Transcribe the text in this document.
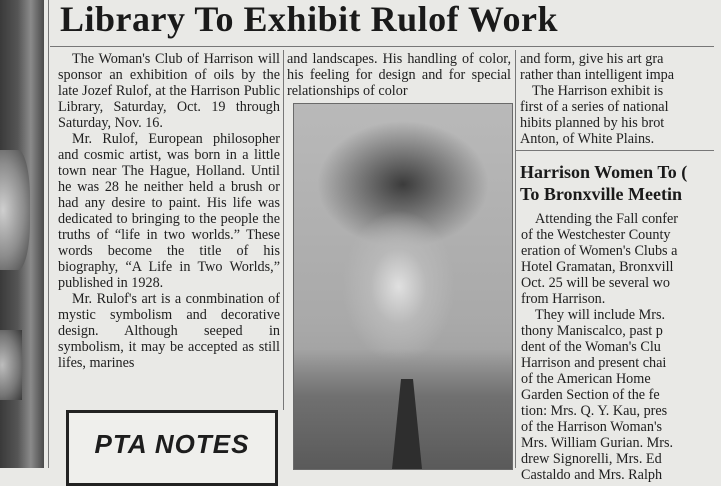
Library To Exhibit Rulof Work

The Woman's Club of Harrison will sponsor an exhibition of oils by the late Jozef Rulof, at the Harrison Public Library, Saturday, Oct. 19 through Saturday, Nov. 16.

Mr. Rulof, European philosopher and cosmic artist, was born in a little town near The Hague, Holland. Until he was 28 he neither held a brush or had any desire to paint. His life was dedicated to bringing to the people the truths of “life in two worlds.” These words become the title of his biography, “A Life in Two Worlds,” published in 1928.

Mr. Rulof's art is a conmbination of mystic symbolism and decorative design. Although seeped in symbolism, it may be accepted as still lifes, marines

and landscapes. His handling of color, his feeling for design and for special relationships of color

and form, give his art gra
rather than intelligent impa
The Harrison exhibit is
first of a series of national
hibits planned by his brot
Anton, of White Plains.
Harrison Women To (
To Bronxville Meetin
Attending the Fall confer
of the Westchester County
eration of Women's Clubs a
Hotel Gramatan, Bronxvill
Oct. 25 will be several wo
from Harrison.
They will include Mrs.
thony Maniscalco, past p
dent of the Woman's Clu
Harrison and present chai
of the American Home
Garden Section of the fe
tion: Mrs. Q. Y. Kau, pres
of the Harrison Woman's
Mrs. William Gurian. Mrs.
drew Signorelli, Mrs. Ed
Castaldo and Mrs. Ralph
PTA NOTES
